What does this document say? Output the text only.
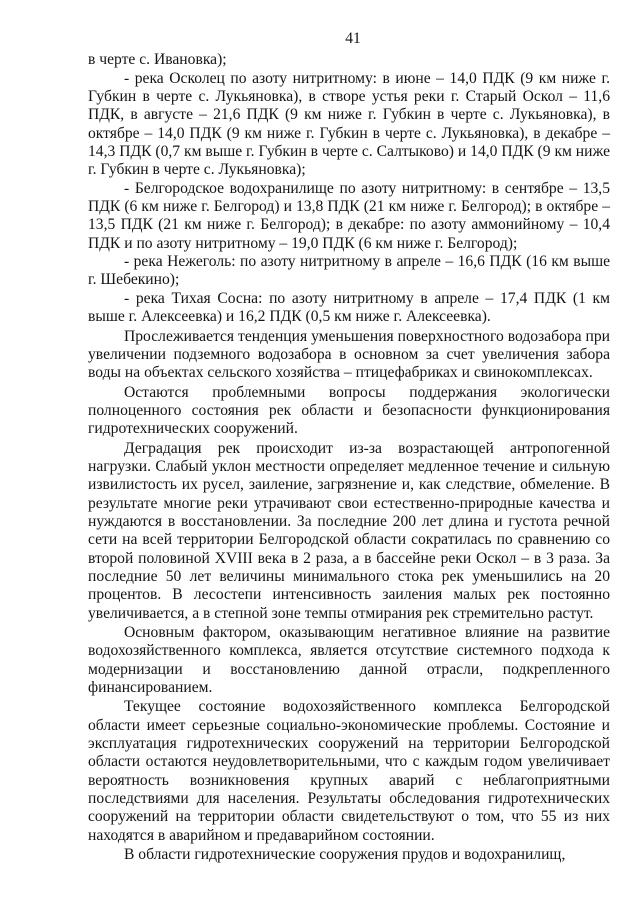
41

в черте с. Ивановка);

- река Осколец по азоту нитритному: в июне – 14,0 ПДК (9 км ниже г. Губкин в черте с. Лукьяновка), в створе устья реки г. Старый Оскол – 11,6 ПДК, в августе – 21,6 ПДК (9 км ниже г. Губкин в черте с. Лукьяновка), в октябре – 14,0 ПДК (9 км ниже г. Губкин в черте с. Лукьяновка), в декабре – 14,3 ПДК (0,7 км выше г. Губкин в черте с. Салтыково) и 14,0 ПДК (9 км ниже г. Губкин в черте с. Лукьяновка);

- Белгородское водохранилище по азоту нитритному: в сентябре – 13,5 ПДК (6 км ниже г. Белгород) и 13,8 ПДК (21 км ниже г. Белгород); в октябре – 13,5 ПДК (21 км ниже г. Белгород); в декабре: по азоту аммонийному – 10,4 ПДК и по азоту нитритному – 19,0 ПДК (6 км ниже г. Белгород);

- река Нежеголь: по азоту нитритному в апреле – 16,6 ПДК (16 км выше г. Шебекино);

- река Тихая Сосна: по азоту нитритному в апреле – 17,4 ПДК (1 км выше г. Алексеевка) и 16,2 ПДК (0,5 км ниже г. Алексеевка).

Прослеживается тенденция уменьшения поверхностного водозабора при увеличении подземного водозабора в основном за счет увеличения забора воды на объектах сельского хозяйства – птицефабриках и свинокомплексах.

Остаются проблемными вопросы поддержания экологически полноценного состояния рек области и безопасности функционирования гидротехнических сооружений.

Деградация рек происходит из-за возрастающей антропогенной нагрузки. Слабый уклон местности определяет медленное течение и сильную извилистость их русел, заиление, загрязнение и, как следствие, обмеление. В результате многие реки утрачивают свои естественно-природные качества и нуждаются в восстановлении. За последние 200 лет длина и густота речной сети на всей территории Белгородской области сократилась по сравнению со второй половиной XVIII века в 2 раза, а в бассейне реки Оскол – в 3 раза. За последние 50 лет величины минимального стока рек уменьшились на 20 процентов. В лесостепи интенсивность заиления малых рек постоянно увеличивается, а в степной зоне темпы отмирания рек стремительно растут.

Основным фактором, оказывающим негативное влияние на развитие водохозяйственного комплекса, является отсутствие системного подхода к модернизации и восстановлению данной отрасли, подкрепленного финансированием.

Текущее состояние водохозяйственного комплекса Белгородской области имеет серьезные социально-экономические проблемы. Состояние и эксплуатация гидротехнических сооружений на территории Белгородской области остаются неудовлетворительными, что с каждым годом увеличивает вероятность возникновения крупных аварий с неблагоприятными последствиями для населения. Результаты обследования гидротехнических сооружений на территории области свидетельствуют о том, что 55 из них находятся в аварийном и предаварийном состоянии.

В области гидротехнические сооружения прудов и водохранилищ,
